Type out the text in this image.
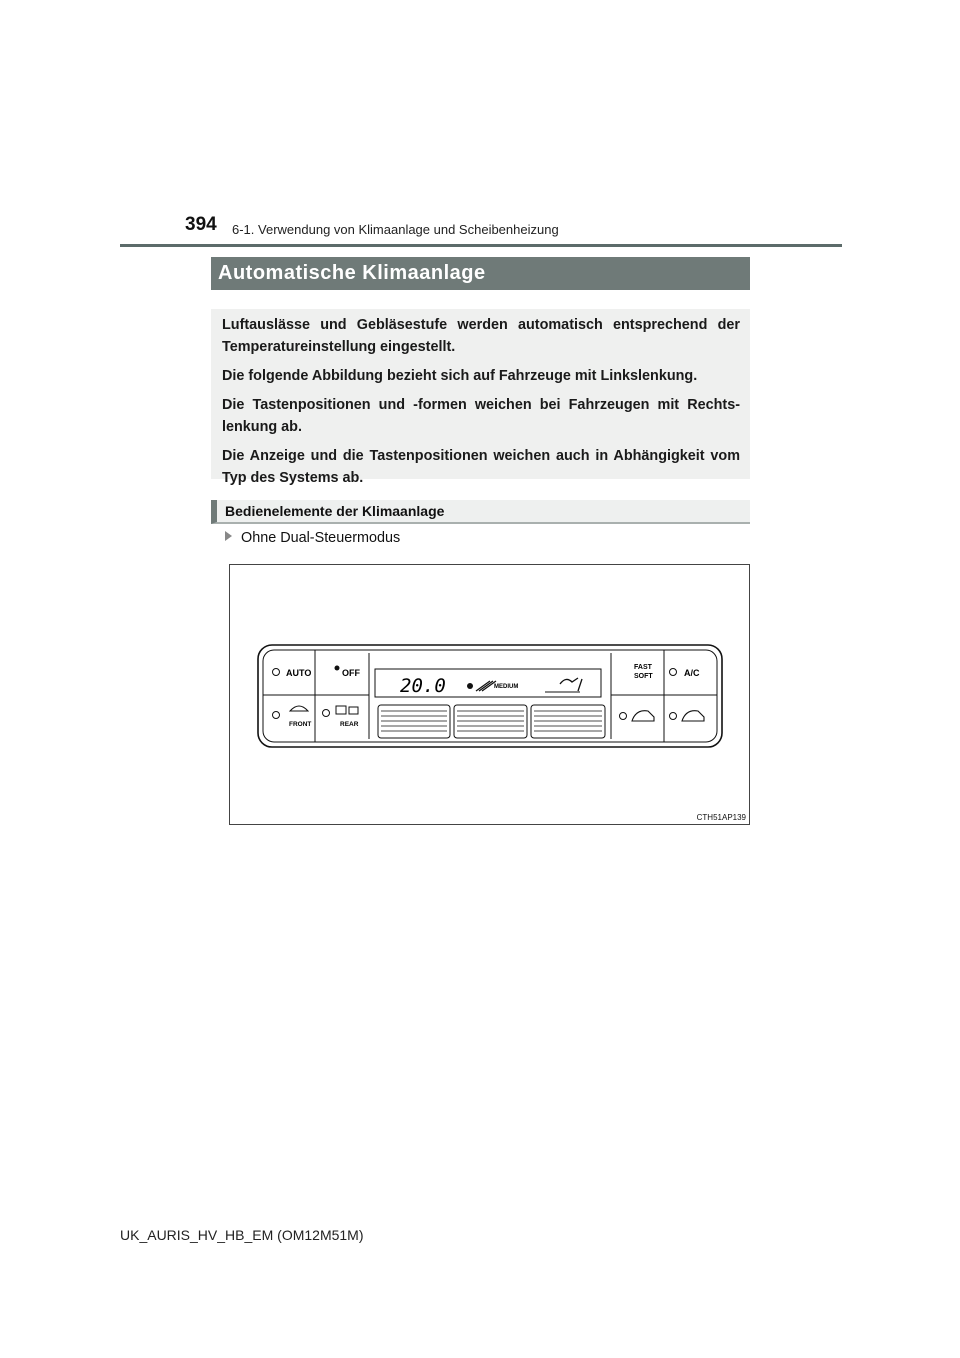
394 6-1. Verwendung von Klimaanlage und Scheibenheizung
Automatische Klimaanlage

Luftauslässe und Gebläsestufe werden automatisch entsprechend der Temperatureinstellung eingestellt.

Die folgende Abbildung bezieht sich auf Fahrzeuge mit Linkslenkung.

Die Tastenpositionen und -formen weichen bei Fahrzeugen mit Rechts-lenkung ab.

Die Anzeige und die Tastenpositionen weichen auch in Abhängigkeit vom Typ des Systems ab.

Bedienelemente der Klimaanlage
Ohne Dual-Steuermodus
AUTO	OFF
FRONT	REAR
20.0	MEDIUM
FAST
SOFT	A/C
CTH51AP139
UK_AURIS_HV_HB_EM (OM12M51M)
